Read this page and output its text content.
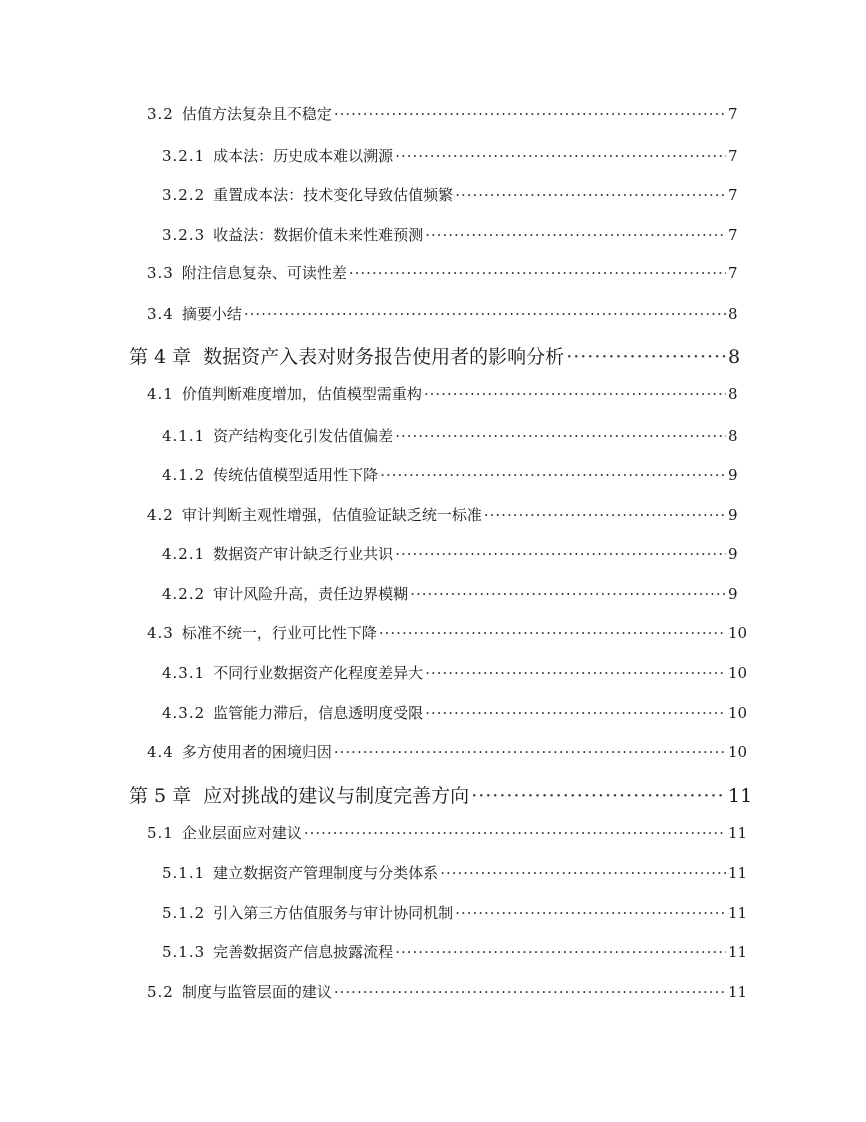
3.2 估值方法复杂且不稳定 ·····	7
3.2.1 成本法：历史成本难以溯源 ·····	7
3.2.2 重置成本法：技术变化导致估值频繁 ·····	7
3.2.3 收益法：数据价值未来性难预测 ·····	7
3.3 附注信息复杂、可读性差 ·····	7
3.4 摘要小结 ·····	8
第 4 章 数据资产入表对财务报告使用者的影响分析 ·····	8
4.1 价值判断难度增加，估值模型需重构 ·····	8
4.1.1 资产结构变化引发估值偏差 ·····	8
4.1.2 传统估值模型适用性下降 ·····	9
4.2 审计判断主观性增强，估值验证缺乏统一标准 ·····	9
4.2.1 数据资产审计缺乏行业共识 ·····	9
4.2.2 审计风险升高，责任边界模糊 ·····	9
4.3 标准不统一，行业可比性下降 ·····	10
4.3.1 不同行业数据资产化程度差异大 ·····	10
4.3.2 监管能力滞后，信息透明度受限 ·····	10
4.4 多方使用者的困境归因 ·····	10
第 5 章 应对挑战的建议与制度完善方向 ·····	11
5.1 企业层面应对建议 ·····	11
5.1.1 建立数据资产管理制度与分类体系 ·····	11
5.1.2 引入第三方估值服务与审计协同机制 ·····	11
5.1.3 完善数据资产信息披露流程 ·····	11
5.2 制度与监管层面的建议 ·····	11
